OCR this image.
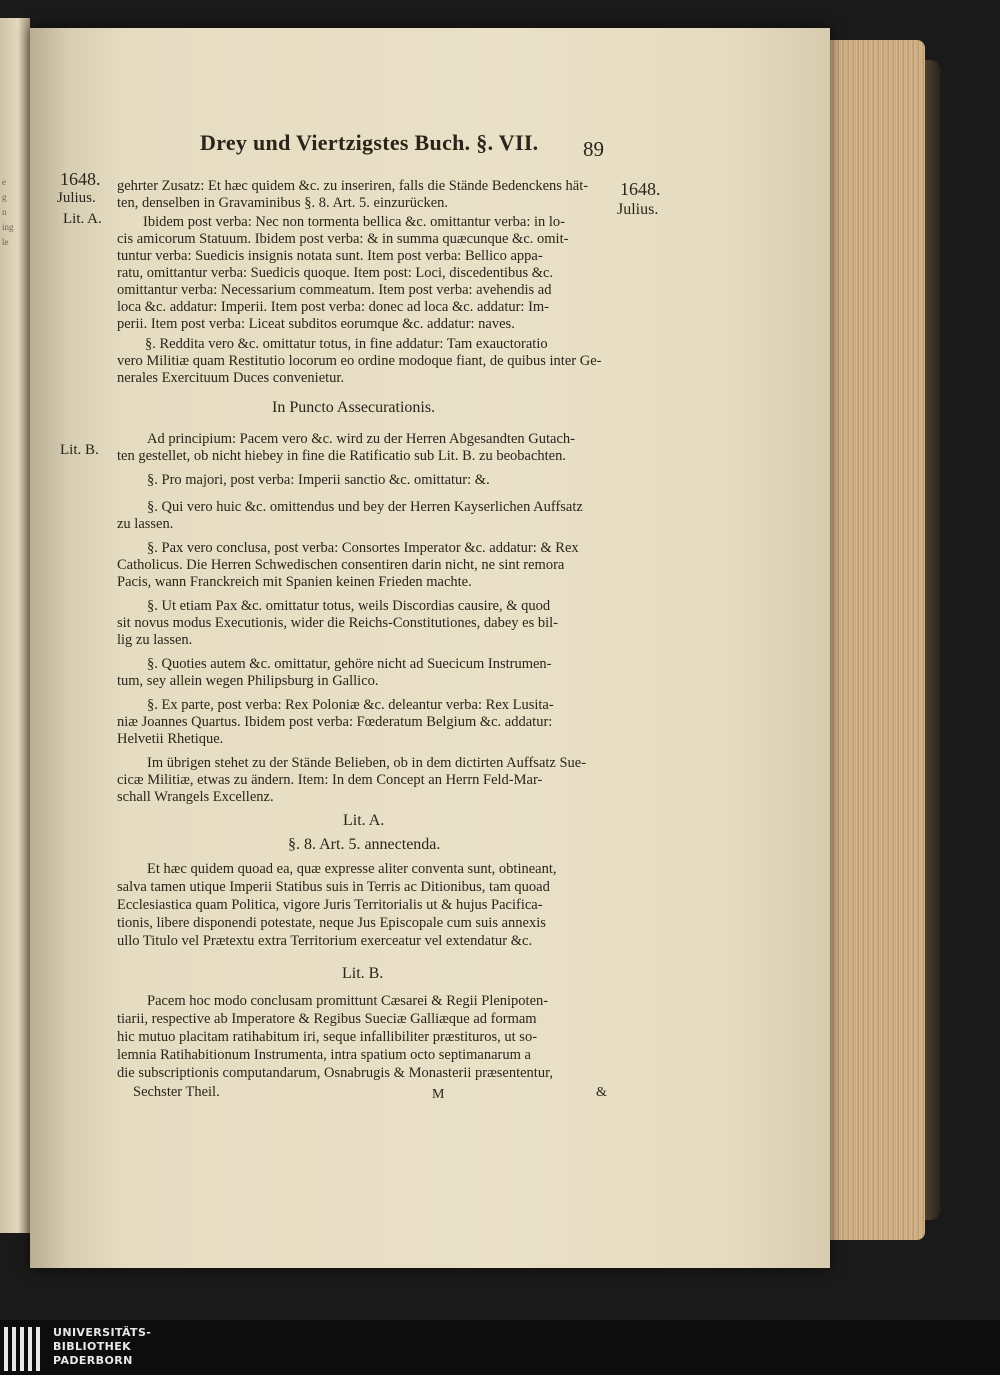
e
g
n
ing
le
Drey und Viertzigstes Buch. §. VII. 89
1648.
Julius.
Lit. A.
Lit. B.
1648.
Julius.
gehrter Zusatz: Et hæc quidem &c. zu inseriren, falls die Stände Bedenckens hät-
ten, denselben in Gravaminibus §. 8. Art. 5. einzurücken.
Ibidem post verba: Nec non tormenta bellica &c. omittantur verba: in lo-
cis amicorum Statuum. Ibidem post verba: & in summa quæcunque &c. omit-
tuntur verba: Suedicis insignis notata sunt. Item post verba: Bellico appa-
ratu, omittantur verba: Suedicis quoque. Item post: Loci, discedentibus &c.
omittantur verba: Necessarium commeatum. Item post verba: avehendis ad
loca &c. addatur: Imperii. Item post verba: donec ad loca &c. addatur: Im-
perii. Item post verba: Liceat subditos eorumque &c. addatur: naves.
§. Reddita vero &c. omittatur totus, in fine addatur: Tam exauctoratio
vero Militiæ quam Restitutio locorum eo ordine modoque fiant, de quibus inter Ge-
nerales Exercituum Duces convenietur.
In Puncto Assecurationis.
Ad principium: Pacem vero &c. wird zu der Herren Abgesandten Gutach-
ten gestellet, ob nicht hiebey in fine die Ratificatio sub Lit. B. zu beobachten.
§. Pro majori, post verba: Imperii sanctio &c. omittatur: &.
§. Qui vero huic &c. omittendus und bey der Herren Kayserlichen Auffsatz
zu lassen.
§. Pax vero conclusa, post verba: Consortes Imperator &c. addatur: & Rex
Catholicus. Die Herren Schwedischen consentiren darin nicht, ne sint remora
Pacis, wann Franckreich mit Spanien keinen Frieden machte.
§. Ut etiam Pax &c. omittatur totus, weils Discordias causire, & quod
sit novus modus Executionis, wider die Reichs-Constitutiones, dabey es bil-
lig zu lassen.
§. Quoties autem &c. omittatur, gehöre nicht ad Suecicum Instrumen-
tum, sey allein wegen Philipsburg in Gallico.
§. Ex parte, post verba: Rex Poloniæ &c. deleantur verba: Rex Lusita-
niæ Joannes Quartus. Ibidem post verba: Fœderatum Belgium &c. addatur:
Helvetii Rhetique.
Im übrigen stehet zu der Stände Belieben, ob in dem dictirten Auffsatz Sue-
cicæ Militiæ, etwas zu ändern. Item: In dem Concept an Herrn Feld-Mar-
schall Wrangels Excellenz.
Lit. A.
§. 8. Art. 5. annectenda.
Et hæc quidem quoad ea, quæ expresse aliter conventa sunt, obtineant,
salva tamen utique Imperii Statibus suis in Terris ac Ditionibus, tam quoad
Ecclesiastica quam Politica, vigore Juris Territorialis ut & hujus Pacifica-
tionis, libere disponendi potestate, neque Jus Episcopale cum suis annexis
ullo Titulo vel Prætextu extra Territorium exerceatur vel extendatur &c.
Lit. B.
Pacem hoc modo conclusam promittunt Cæsarei & Regii Plenipoten-
tiarii, respective ab Imperatore & Regibus Sueciæ Galliæque ad formam
hic mutuo placitam ratihabitum iri, seque infallibiliter præstituros, ut so-
lemnia Ratihabitionum Instrumenta, intra spatium octo septimanarum a
die subscriptionis computandarum, Osnabrugis & Monasterii præsententur,
Sechster Theil.	M	&
UNIVERSITÄTS-
BIBLIOTHEK
PADERBORN
